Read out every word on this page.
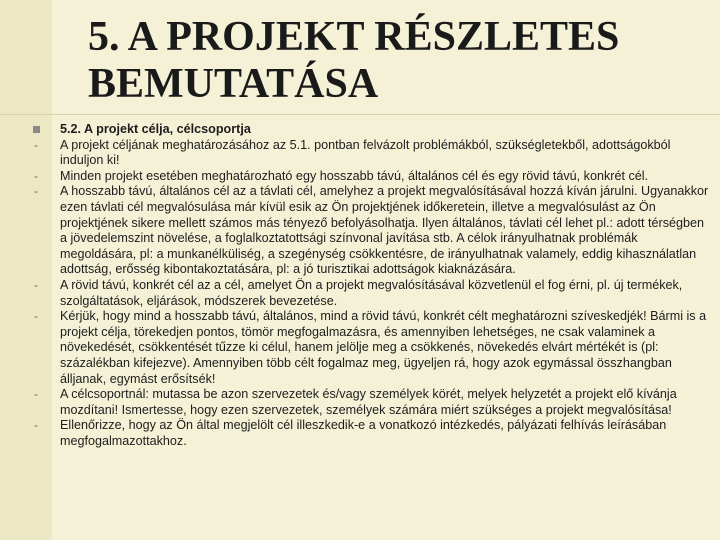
5. A PROJEKT RÉSZLETES BEMUTATÁSA
5.2. A projekt célja, célcsoportja
-	A projekt céljának meghatározásához az 5.1. pontban felvázolt problémákból, szükségletekből, adottságokból induljon ki!
-	Minden projekt esetében meghatározható egy hosszabb távú, általános cél és egy rövid távú, konkrét cél.
-	A hosszabb távú, általános cél az a távlati cél, amelyhez a projekt megvalósításával hozzá kíván járulni. Ugyanakkor ezen távlati cél megvalósulása már kívül esik az Ön projektjének időkeretein, illetve a megvalósulást az Ön projektjének sikere mellett számos más tényező befolyásolhatja. Ilyen általános, távlati cél lehet pl.: adott térségben a jövedelemszint növelése, a foglalkoztatottsági színvonal javítása stb. A célok irányulhatnak problémák megoldására, pl: a munkanélküliség, a szegénység csökkentésre, de irányulhatnak valamely, eddig kihasználatlan adottság, erősség kibontakoztatására, pl: a jó turisztikai adottságok kiaknázására.
-	A rövid távú, konkrét cél az a cél, amelyet Ön a projekt megvalósításával közvetlenül el fog érni, pl. új termékek, szolgáltatások, eljárások, módszerek bevezetése.
-	Kérjük, hogy mind a hosszabb távú, általános, mind a rövid távú, konkrét célt meghatározni szíveskedjék! Bármi is a projekt célja, törekedjen pontos, tömör megfogalmazásra, és amennyiben lehetséges, ne csak valaminek a növekedését, csökkentését tűzze ki célul, hanem jelölje meg a csökkenés, növekedés elvárt mértékét is (pl: százalékban kifejezve). Amennyiben több célt fogalmaz meg, ügyeljen rá, hogy azok egymással összhangban álljanak, egymást erősítsék!
-	A célcsoportnál: mutassa be azon szervezetek és/vagy személyek körét, melyek helyzetét a projekt elő kívánja mozdítani! Ismertesse, hogy ezen szervezetek, személyek számára miért szükséges a projekt megvalósítása!
-	Ellenőrizze, hogy az Ön által megjelölt cél illeszkedik-e a vonatkozó intézkedés, pályázati felhívás leírásában megfogalmazottakhoz.
